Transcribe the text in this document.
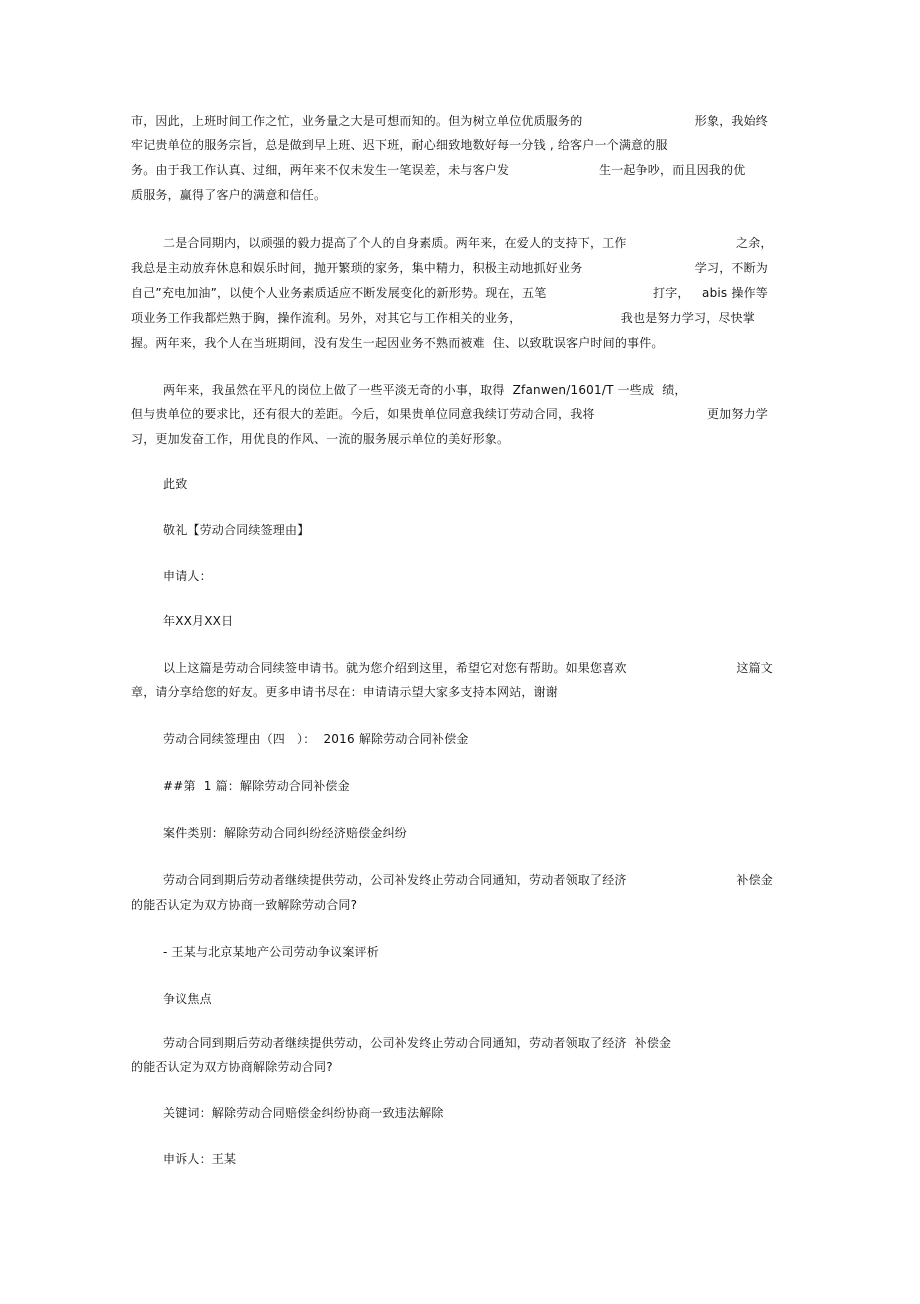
市，因此，上班时间工作之忙，业务量之大是可想而知的。但为树立单位优质服务的	形象，我始终
牢记贵单位的服务宗旨，总是做到早上班、迟下班，耐心细致地数好每一分钱 , 给客户一个满意的服
务。由于我工作认真、过细，两年来不仅未发生一笔误差，未与客户发	生一起争吵，而且因我的优
质服务，赢得了客户的满意和信任。
二是合同期内，以顽强的毅力提高了个人的自身素质。两年来，在爱人的支持下，工作	之余，
我总是主动放弃休息和娱乐时间，抛开繁琐的家务，集中精力，积极主动地抓好业务	学习，不断为
自己”充电加油”，以使个人业务素质适应不断发展变化的新形势。现在，五笔	打字， abis 操作等
项业务工作我都烂熟于胸，操作流利。另外，对其它与工作相关的业务，	我也是努力学习，尽快掌
握。两年来，我个人在当班期间，没有发生一起因业务不熟而被难  住、以致耽误客户时间的事件。
两年来，我虽然在平凡的岗位上做了一些平淡无奇的小事，取得  Zfanwen/1601/T 一些成  绩，
但与贵单位的要求比，还有很大的差距。今后，如果贵单位同意我续订劳动合同，我将	更加努力学
习，更加发奋工作，用优良的作风、一流的服务展示单位的美好形象。
此致
敬礼【劳动合同续签理由】
申请人：
年XX月XX日
以上这篇是劳动合同续签申请书。就为您介绍到这里，希望它对您有帮助。如果您喜欢	这篇文
章，请分享给您的好友。更多申请书尽在：申请请示望大家多支持本网站，谢谢
劳动合同续签理由（四   ）：  2016 解除劳动合同补偿金
##第  1 篇：解除劳动合同补偿金
案件类别：解除劳动合同纠纷经济赔偿金纠纷
劳动合同到期后劳动者继续提供劳动，公司补发终止劳动合同通知，劳动者领取了经济	补偿金
的能否认定为双方协商一致解除劳动合同?
- 王某与北京某地产公司劳动争议案评析
争议焦点
劳动合同到期后劳动者继续提供劳动，公司补发终止劳动合同通知，劳动者领取了经济  补偿金
的能否认定为双方协商解除劳动合同?
关键词：解除劳动合同赔偿金纠纷协商一致违法解除
申诉人：王某
